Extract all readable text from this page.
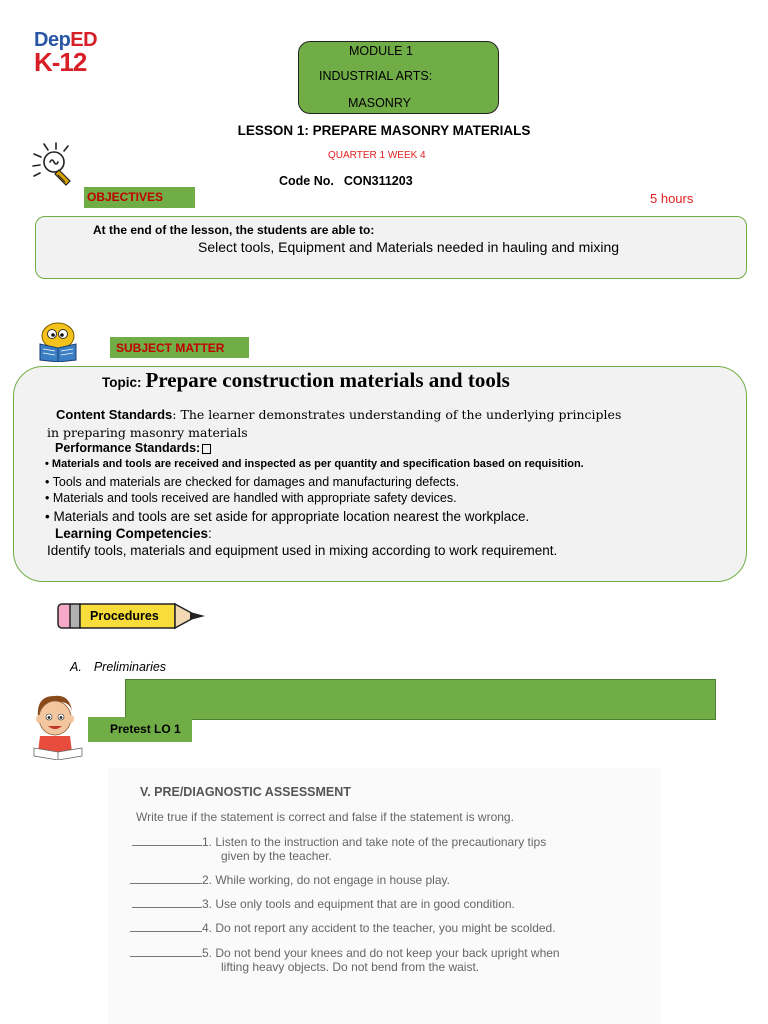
DepED
K-12	MODULE 1
INDUSTRIAL ARTS:
MASONRY
LESSON 1: PREPARE MASONRY MATERIALS
QUARTER 1 WEEK 4
Code No. CON311203
OBJECTIVES	5 hours
At the end of the lesson, the students are able to:
Select tools, Equipment and Materials needed in hauling and mixing
SUBJECT MATTER
Topic: Prepare construction materials and tools
Content Standards: The learner demonstrates understanding of the underlying principles
in preparing masonry materials
Performance Standards:
• Materials and tools are received and inspected as per quantity and specification based on requisition.
• Tools and materials are checked for damages and manufacturing defects.
• Materials and tools received are handled with appropriate safety devices.
• Materials and tools are set aside for appropriate location nearest the workplace.
Learning Competencies:
Identify tools, materials and equipment used in mixing according to work requirement.
Procedures
A. Preliminaries
Pretest LO 1
V. PRE/DIAGNOSTIC ASSESSMENT
Write true if the statement is correct and false if the statement is wrong.
1. Listen to the instruction and take note of the precautionary tips
given by the teacher.
2. While working, do not engage in house play.
3. Use only tools and equipment that are in good condition.
4. Do not report any accident to the teacher, you might be scolded.
5. Do not bend your knees and do not keep your back upright when
lifting heavy objects. Do not bend from the waist.
